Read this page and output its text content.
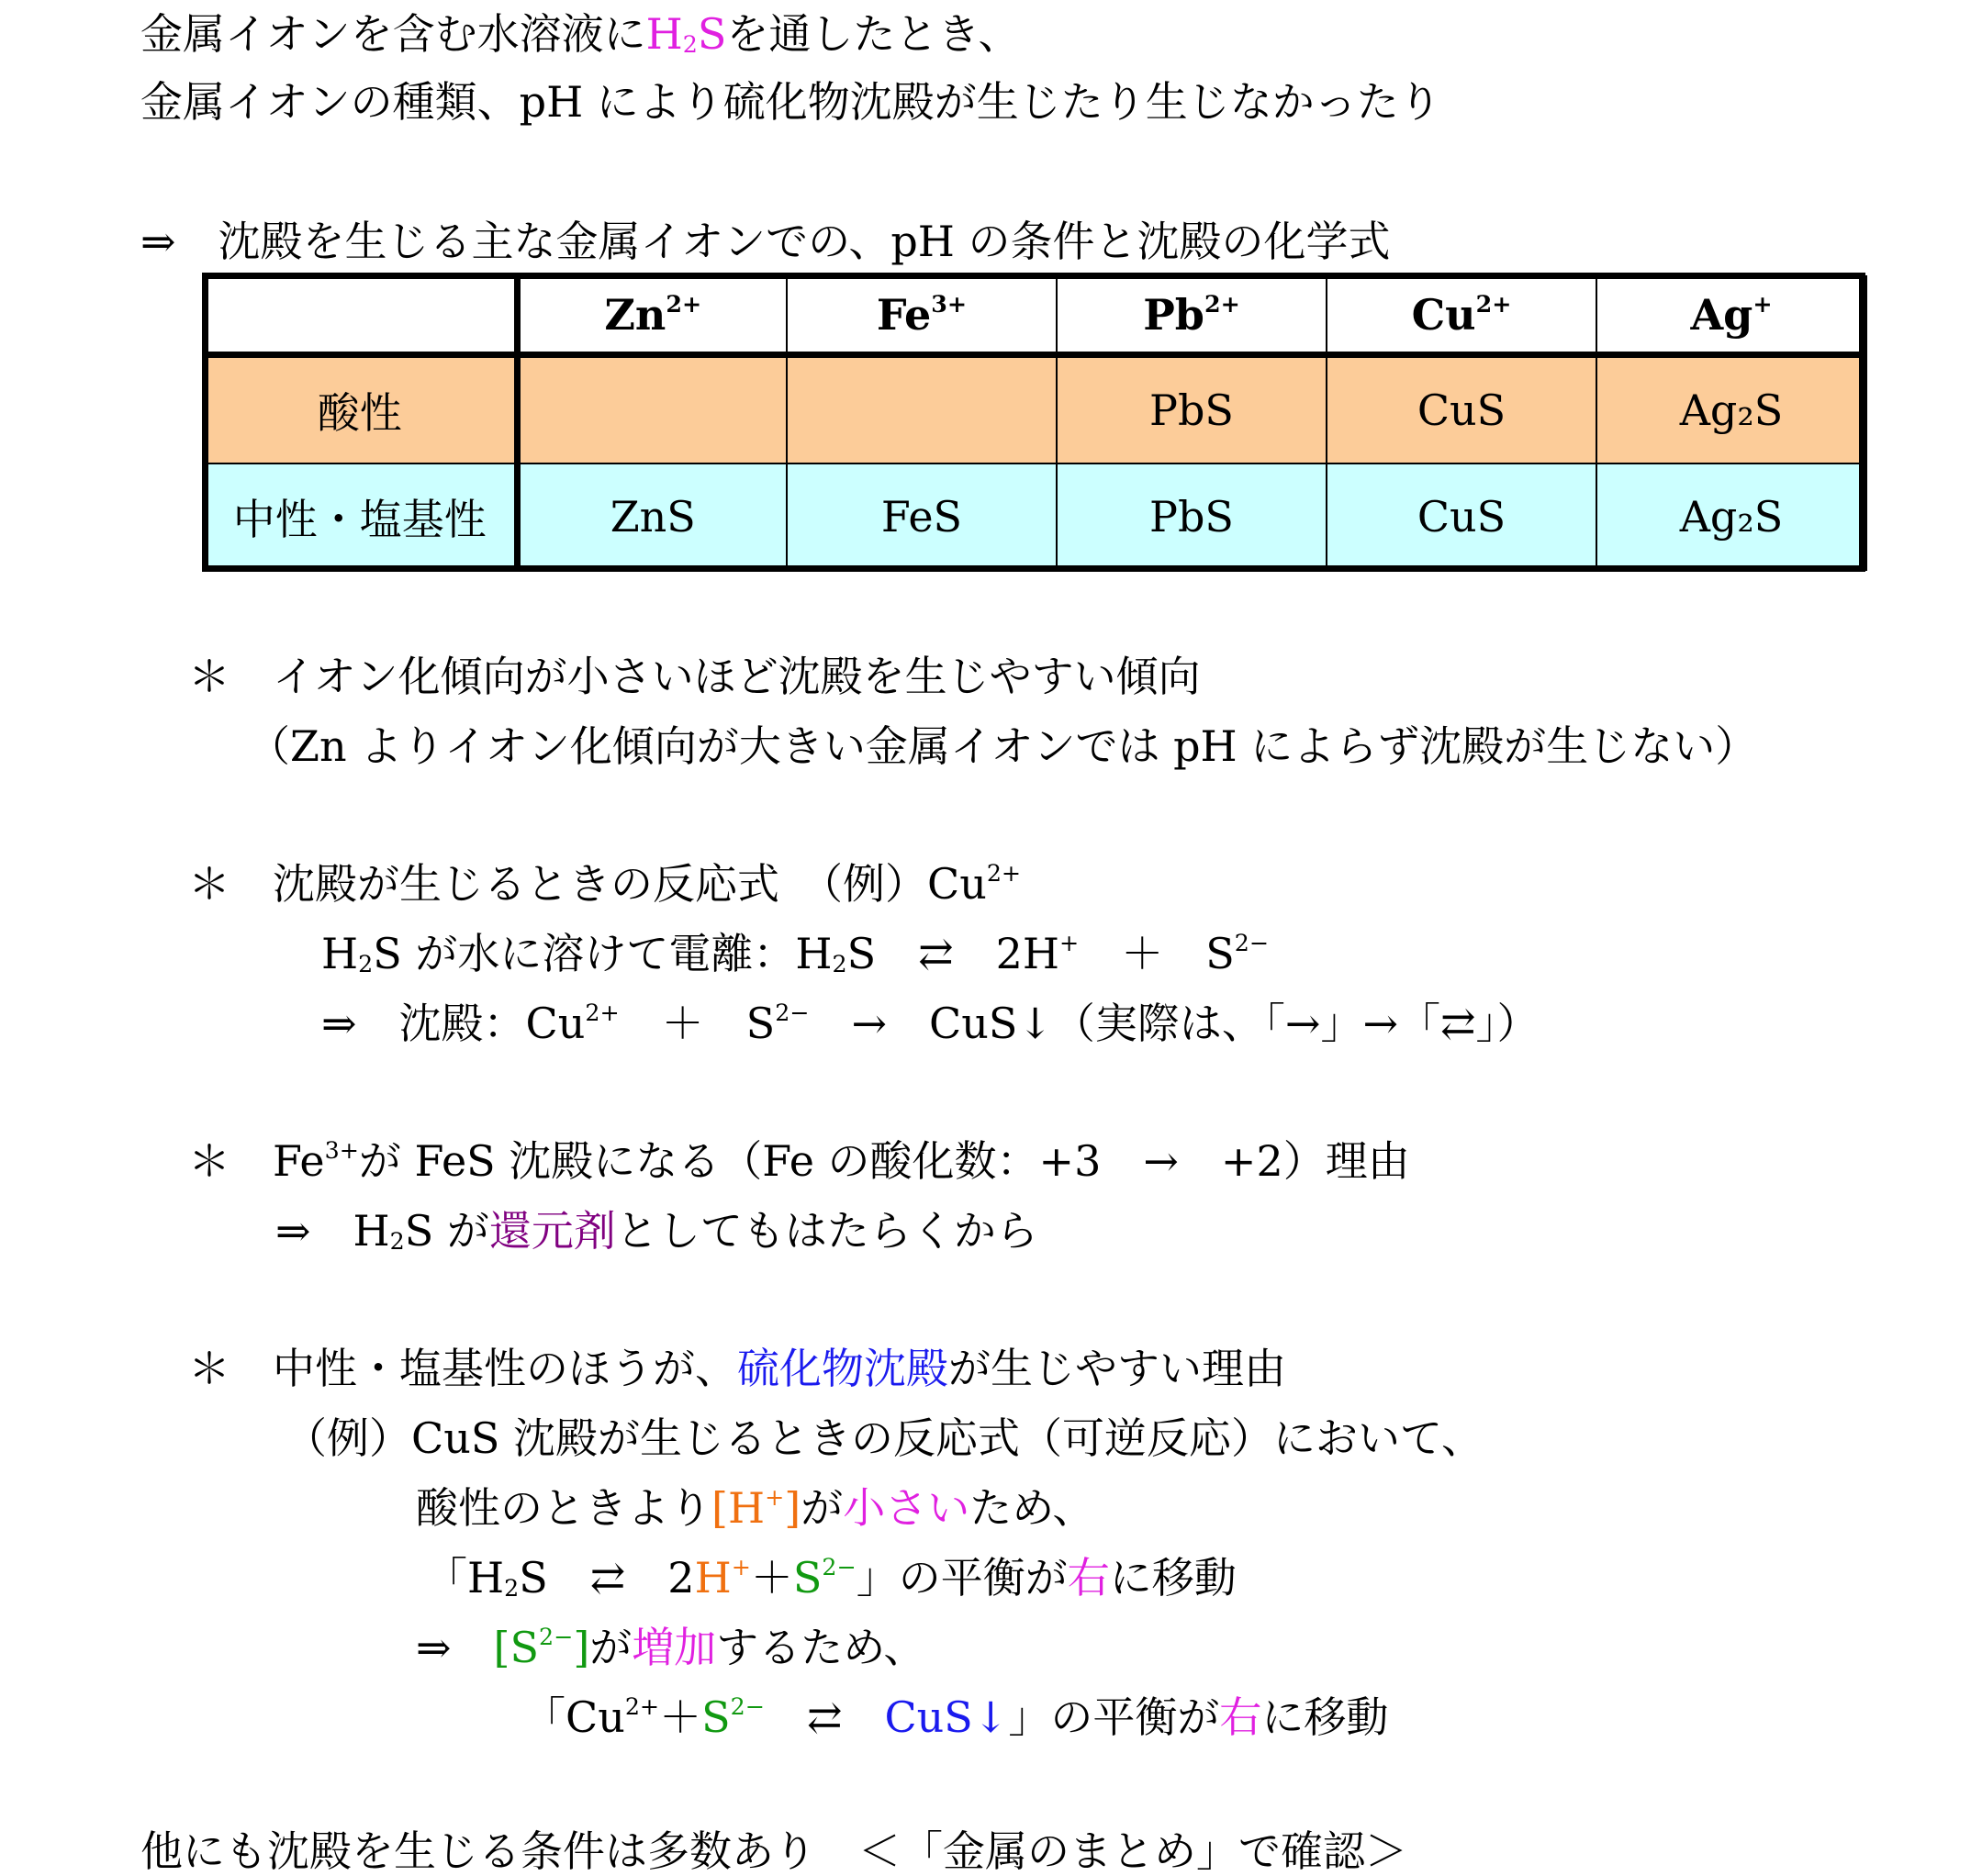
金属イオンを含む水溶液に$H_2S$を通したとき、
金属イオンの種類、pH により硫化物沈殿が生じたり生じなかったり
⇒　沈殿を生じる主な金属イオンでの、pH の条件と沈殿の化学式
	$Zn^{2+}$	$Fe^{3+}$	$Pb^{2+}$	$Cu^{2+}$	Ag+
酸性			PbS	CuS	Ag₂S
中性・塩基性	ZnS	FeS	PbS	CuS	Ag₂S
＊　イオン化傾向が小さいほど沈殿を生じやすい傾向
（Zn よりイオン化傾向が大きい金属イオンでは pH によらず沈殿が生じない）
＊　沈殿が生じるときの反応式　（例）$Cu^{2+}$
$H_2S$ が水に溶けて電離：$H_2S$　⇄　2H+　＋　$S^{2-}$
⇒　沈殿：$Cu^{2+}$　＋　$S^{2-}$　→　CuS↓（実際は、「→」→「⇄」）
＊　$Fe^{3+}$が FeS 沈殿になる（Fe の酸化数：+3　→　+2）理由
⇒　$H_2S$ が還元剤としてもはたらくから
＊　中性・塩基性のほうが、硫化物沈殿が生じやすい理由
（例）CuS 沈殿が生じるときの反応式（可逆反応）において、
酸性のときより[H+]が小さいため、
「$H_2S$　⇄　$2H^++S^{2-}$」の平衡が右に移動
⇒　$[S^{2-}]$が増加するため、
「$Cu^{2+}+S^{2-}$　⇄　CuS↓」の平衡が右に移動
他にも沈殿を生じる条件は多数あり　＜「金属のまとめ」で確認＞
